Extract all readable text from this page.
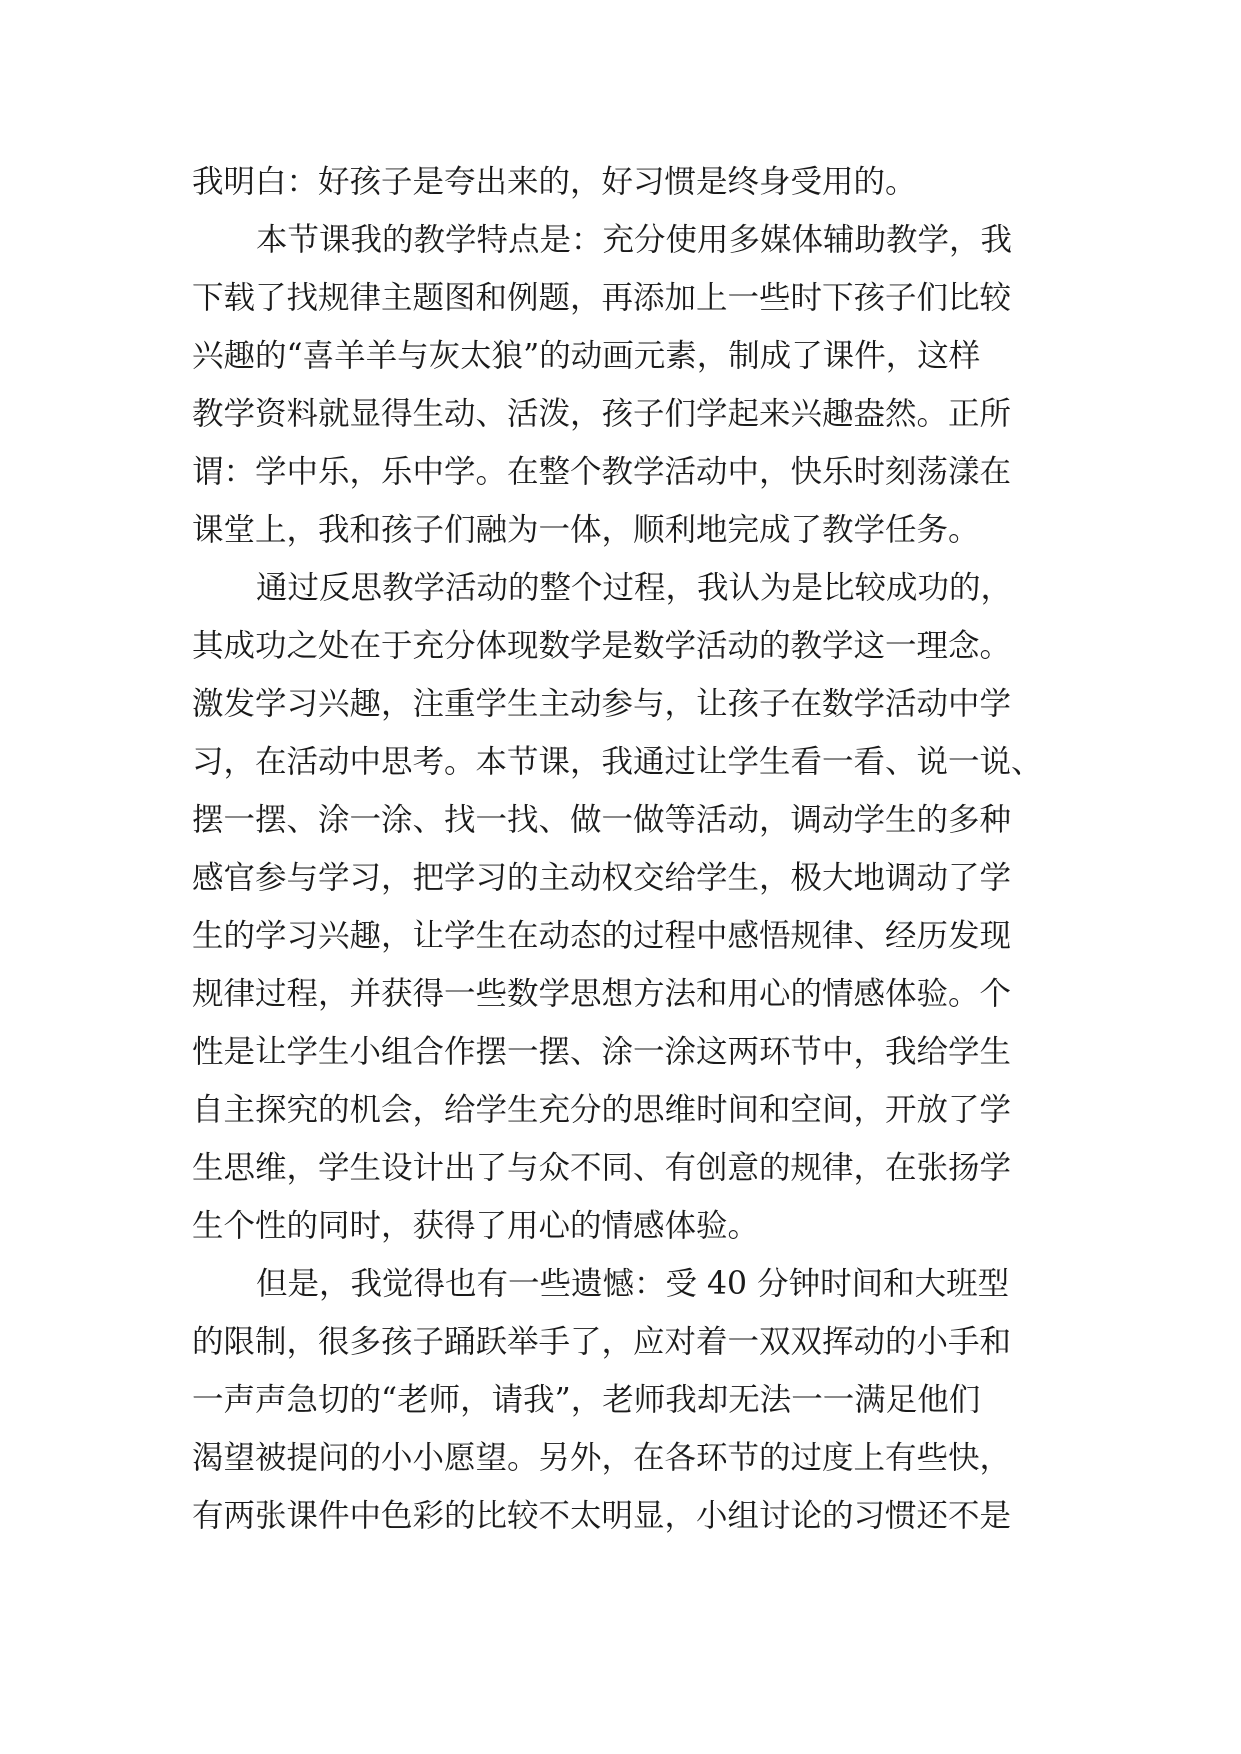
我明白：好孩子是夸出来的，好习惯是终身受用的。

本节课我的教学特点是：充分使用多媒体辅助教学，我

下载了找规律主题图和例题，再添加上一些时下孩子们比较

兴趣的“喜羊羊与灰太狼”的动画元素，制成了课件，这样

教学资料就显得生动、活泼，孩子们学起来兴趣盎然。正所

谓：学中乐，乐中学。在整个教学活动中，快乐时刻荡漾在

课堂上，我和孩子们融为一体，顺利地完成了教学任务。

通过反思教学活动的整个过程，我认为是比较成功的，

其成功之处在于充分体现数学是数学活动的教学这一理念。

激发学习兴趣，注重学生主动参与，让孩子在数学活动中学

习，在活动中思考。本节课，我通过让学生看一看、说一说、

摆一摆、涂一涂、找一找、做一做等活动，调动学生的多种

感官参与学习，把学习的主动权交给学生，极大地调动了学

生的学习兴趣，让学生在动态的过程中感悟规律、经历发现

规律过程，并获得一些数学思想方法和用心的情感体验。个

性是让学生小组合作摆一摆、涂一涂这两环节中，我给学生

自主探究的机会，给学生充分的思维时间和空间，开放了学

生思维，学生设计出了与众不同、有创意的规律，在张扬学

生个性的同时，获得了用心的情感体验。

但是，我觉得也有一些遗憾：受 40 分钟时间和大班型

的限制，很多孩子踊跃举手了，应对着一双双挥动的小手和

一声声急切的“老师，请我”，老师我却无法一一满足他们

渴望被提问的小小愿望。另外，在各环节的过度上有些快，

有两张课件中色彩的比较不太明显，小组讨论的习惯还不是
